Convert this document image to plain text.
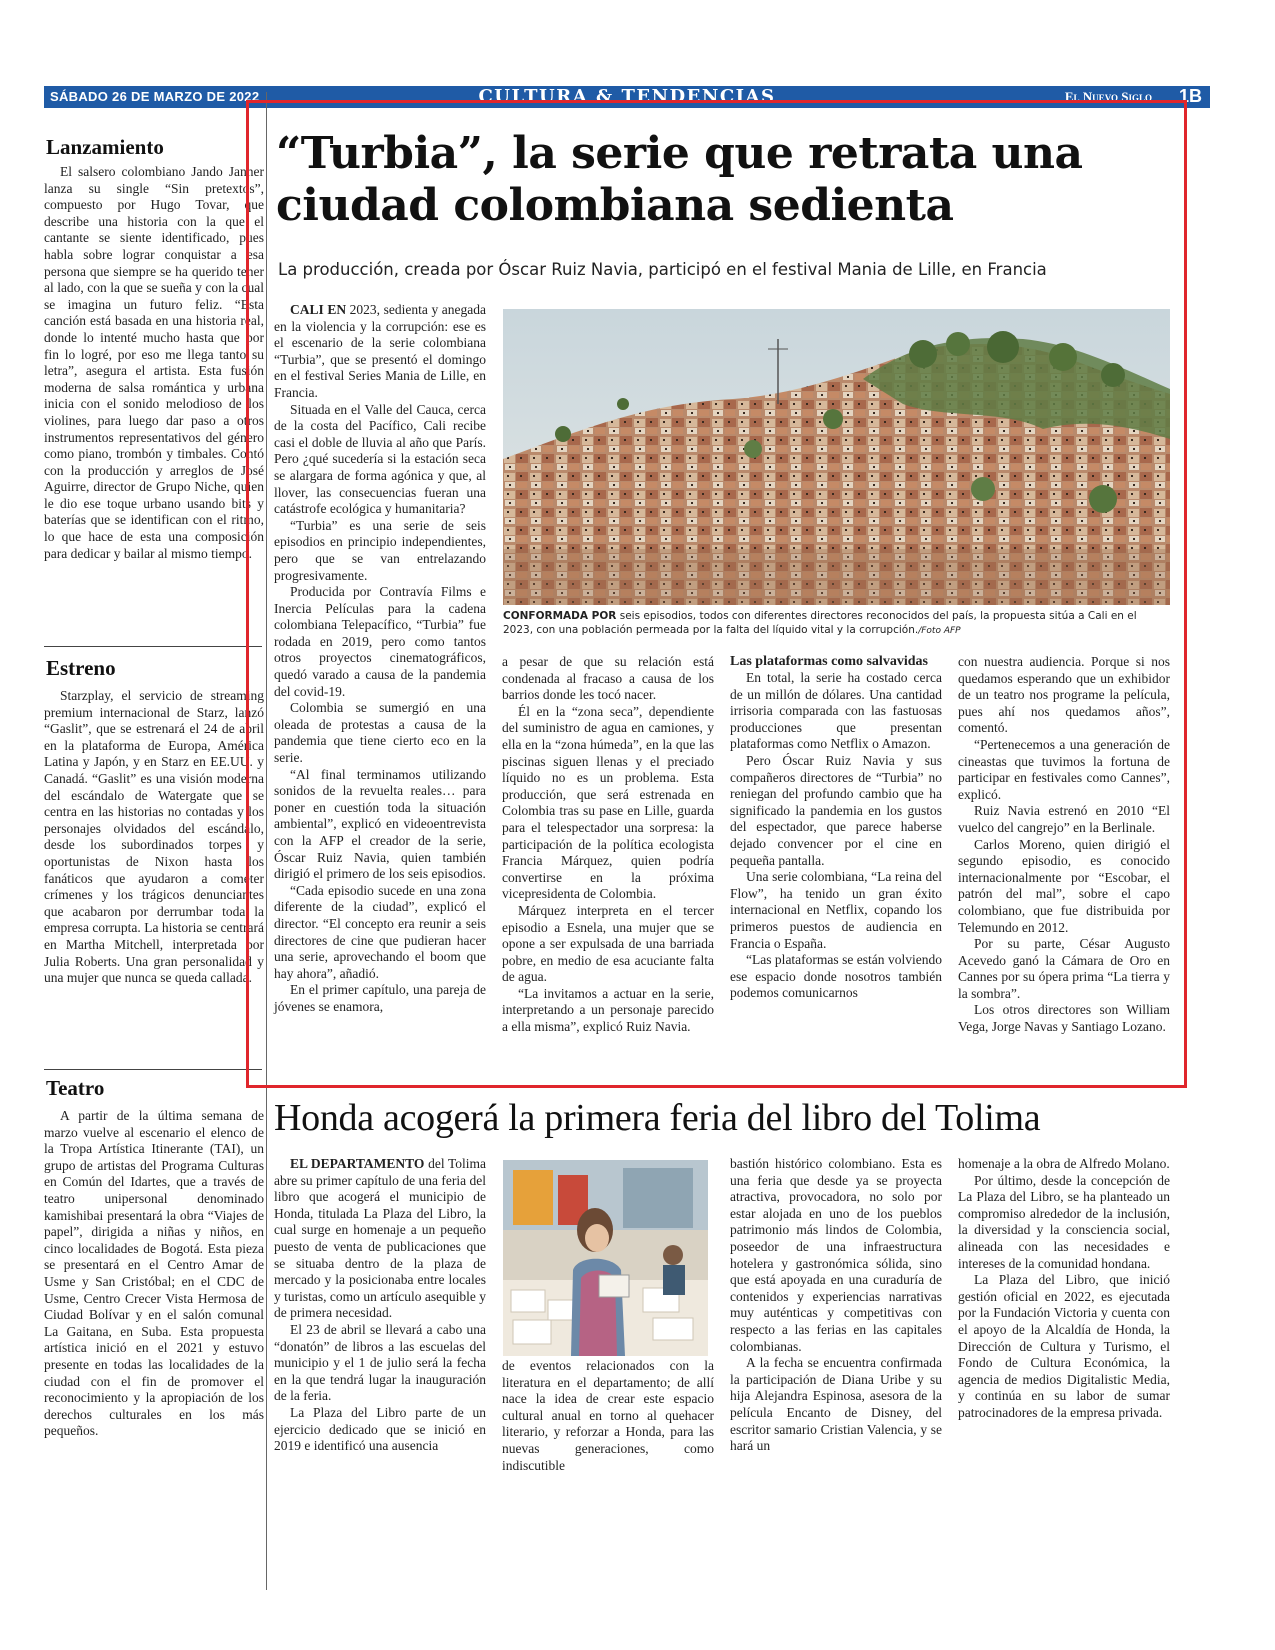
SÁBADO 26 DE MARZO DE 2022	CULTURA & TENDENCIAS	El Nuevo Siglo 1B
Lanzamiento
El salsero colombiano Jando Janner lanza su single “Sin pretextos”, compuesto por Hugo Tovar, que describe una historia con la que el cantante se siente identificado, pues habla sobre lograr conquistar a esa persona que siempre se ha querido tener al lado, con la que se sueña y con la cual se imagina un futuro feliz. “Esta canción está basada en una historia real, donde lo intenté mucho hasta que por fin lo logré, por eso me llega tanto su letra”, asegura el artista. Esta fusión moderna de salsa romántica y urbana inicia con el sonido melodioso de los violines, para luego dar paso a otros instrumentos representativos del género como piano, trombón y timbales. Contó con la producción y arreglos de José Aguirre, director de Grupo Niche, quien le dio ese toque urbano usando bits y baterías que se identifican con el ritmo, lo que hace de esta una composición para dedicar y bailar al mismo tiempo.
Estreno
Starzplay, el servicio de streaming premium internacional de Starz, lanzó “Gaslit”, que se estrenará el 24 de abril en la plataforma de Europa, América Latina y Japón, y en Starz en EE.UU. y Canadá. “Gaslit” es una visión moderna del escándalo de Watergate que se centra en las historias no contadas y los personajes olvidados del escándalo, desde los subordinados torpes y oportunistas de Nixon hasta los fanáticos que ayudaron a cometer crímenes y los trágicos denunciantes que acabaron por derrumbar toda la empresa corrupta. La historia se centrará en Martha Mitchell, interpretada por Julia Roberts. Una gran personalidad y una mujer que nunca se queda callada.
Teatro
A partir de la última semana de marzo vuelve al escenario el elenco de la Tropa Artística Itinerante (TAI), un grupo de artistas del Programa Culturas en Común del Idartes, que a través de teatro unipersonal denominado kamishibai presentará la obra “Viajes de papel”, dirigida a niñas y niños, en cinco localidades de Bogotá. Esta pieza se presentará en el Centro Amar de Usme y San Cristóbal; en el CDC de Usme, Centro Crecer Vista Hermosa de Ciudad Bolívar y en el salón comunal La Gaitana, en Suba. Esta propuesta artística inició en el 2021 y estuvo presente en todas las localidades de la ciudad con el fin de promover el reconocimiento y la apropiación de los derechos culturales en los más pequeños.
“Turbia”, la serie que retrata una ciudad colombiana sedienta
La producción, creada por Óscar Ruiz Navia, participó en el festival Mania de Lille, en Francia

CALI EN 2023, sedienta y anegada en la violencia y la corrupción: ese es el escenario de la serie colombiana “Turbia”, que se presentó el domingo en el festival Series Mania de Lille, en Francia.

Situada en el Valle del Cauca, cerca de la costa del Pacífico, Cali recibe casi el doble de lluvia al año que París. Pero ¿qué sucedería si la estación seca se alargara de forma agónica y que, al llover, las consecuencias fueran una catástrofe ecológica y humanitaria?

“Turbia” es una serie de seis episodios en principio independientes, pero que se van entrelazando progresivamente.

Producida por Contravía Films e Inercia Películas para la cadena colombiana Telepacífico, “Turbia” fue rodada en 2019, pero como tantos otros proyectos cinematográficos, quedó varado a causa de la pandemia del covid-19.

Colombia se sumergió en una oleada de protestas a causa de la pandemia que tiene cierto eco en la serie.

“Al final terminamos utilizando sonidos de la revuelta reales… para poner en cuestión toda la situación ambiental”, explicó en videoentrevista con la AFP el creador de la serie, Óscar Ruiz Navia, quien también dirigió el primero de los seis episodios.

“Cada episodio sucede en una zona diferente de la ciudad”, explicó el director. “El concepto era reunir a seis directores de cine que pudieran hacer una serie, aprovechando el boom que hay ahora”, añadió.

En el primer capítulo, una pareja de jóvenes se enamora,

CONFORMADA POR seis episodios, todos con diferentes directores reconocidos del país, la propuesta sitúa a Cali en el 2023, con una población permeada por la falta del líquido vital y la corrupción./Foto AFP

a pesar de que su relación está condenada al fracaso a causa de los barrios donde les tocó nacer.

Él en la “zona seca”, dependiente del suministro de agua en camiones, y ella en la “zona húmeda”, en la que las piscinas siguen llenas y el preciado líquido no es un problema. Esta producción, que será estrenada en Colombia tras su pase en Lille, guarda para el telespectador una sorpresa: la participación de la política ecologista Francia Márquez, quien podría convertirse en la próxima vicepresidenta de Colombia.

Márquez interpreta en el tercer episodio a Esnela, una mujer que se opone a ser expulsada de una barriada pobre, en medio de esa acuciante falta de agua.

“La invitamos a actuar en la serie, interpretando a un personaje parecido a ella misma”, explicó Ruiz Navia.

Las plataformas como salvavidas

En total, la serie ha costado cerca de un millón de dólares. Una cantidad irrisoria comparada con las fastuosas producciones que presentan plataformas como Netflix o Amazon.

Pero Óscar Ruiz Navia y sus compañeros directores de “Turbia” no reniegan del profundo cambio que ha significado la pandemia en los gustos del espectador, que parece haberse dejado convencer por el cine en pequeña pantalla.

Una serie colombiana, “La reina del Flow”, ha tenido un gran éxito internacional en Netflix, copando los primeros puestos de audiencia en Francia o España.

“Las plataformas se están volviendo ese espacio donde nosotros también podemos comunicarnos

con nuestra audiencia. Porque si nos quedamos esperando que un exhibidor de un teatro nos programe la película, pues ahí nos quedamos años”, comentó.

“Pertenecemos a una generación de cineastas que tuvimos la fortuna de participar en festivales como Cannes”, explicó.

Ruiz Navia estrenó en 2010 “El vuelco del cangrejo” en la Berlinale.

Carlos Moreno, quien dirigió el segundo episodio, es conocido internacionalmente por “Escobar, el patrón del mal”, sobre el capo colombiano, que fue distribuida por Telemundo en 2012.

Por su parte, César Augusto Acevedo ganó la Cámara de Oro en Cannes por su ópera prima “La tierra y la sombra”.

Los otros directores son William Vega, Jorge Navas y Santiago Lozano.

Honda acogerá la primera feria del libro del Tolima

EL DEPARTAMENTO del Tolima abre su primer capítulo de una feria del libro que acogerá el municipio de Honda, titulada La Plaza del Libro, la cual surge en homenaje a un pequeño puesto de venta de publicaciones que se situaba dentro de la plaza de mercado y la posicionaba entre locales y turistas, como un artículo asequible y de primera necesidad.

El 23 de abril se llevará a cabo una “donatón” de libros a las escuelas del municipio y el 1 de julio será la fecha en la que tendrá lugar la inauguración de la feria.

La Plaza del Libro parte de un ejercicio dedicado que se inició en 2019 e identificó una ausencia

de eventos relacionados con la literatura en el departamento; de allí nace la idea de crear este espacio cultural anual en torno al quehacer literario, y reforzar a Honda, para las nuevas generaciones, como indiscutible

bastión histórico colombiano. Esta es una feria que desde ya se proyecta atractiva, provocadora, no solo por estar alojada en uno de los pueblos patrimonio más lindos de Colombia, poseedor de una infraestructura hotelera y gastronómica sólida, sino que está apoyada en una curaduría de contenidos y experiencias narrativas muy auténticas y competitivas con respecto a las ferias en las capitales colombianas.

A la fecha se encuentra confirmada la participación de Diana Uribe y su hija Alejandra Espinosa, asesora de la película Encanto de Disney, del escritor samario Cristian Valencia, y se hará un

homenaje a la obra de Alfredo Molano.

Por último, desde la concepción de La Plaza del Libro, se ha planteado un compromiso alrededor de la inclusión, la diversidad y la consciencia social, alineada con las necesidades e intereses de la comunidad hondana.

La Plaza del Libro, que inició gestión oficial en 2022, es ejecutada por la Fundación Victoria y cuenta con el apoyo de la Alcaldía de Honda, la Dirección de Cultura y Turismo, el Fondo de Cultura Económica, la agencia de medios Digitalistic Media, y continúa en su labor de sumar patrocinadores de la empresa privada.
